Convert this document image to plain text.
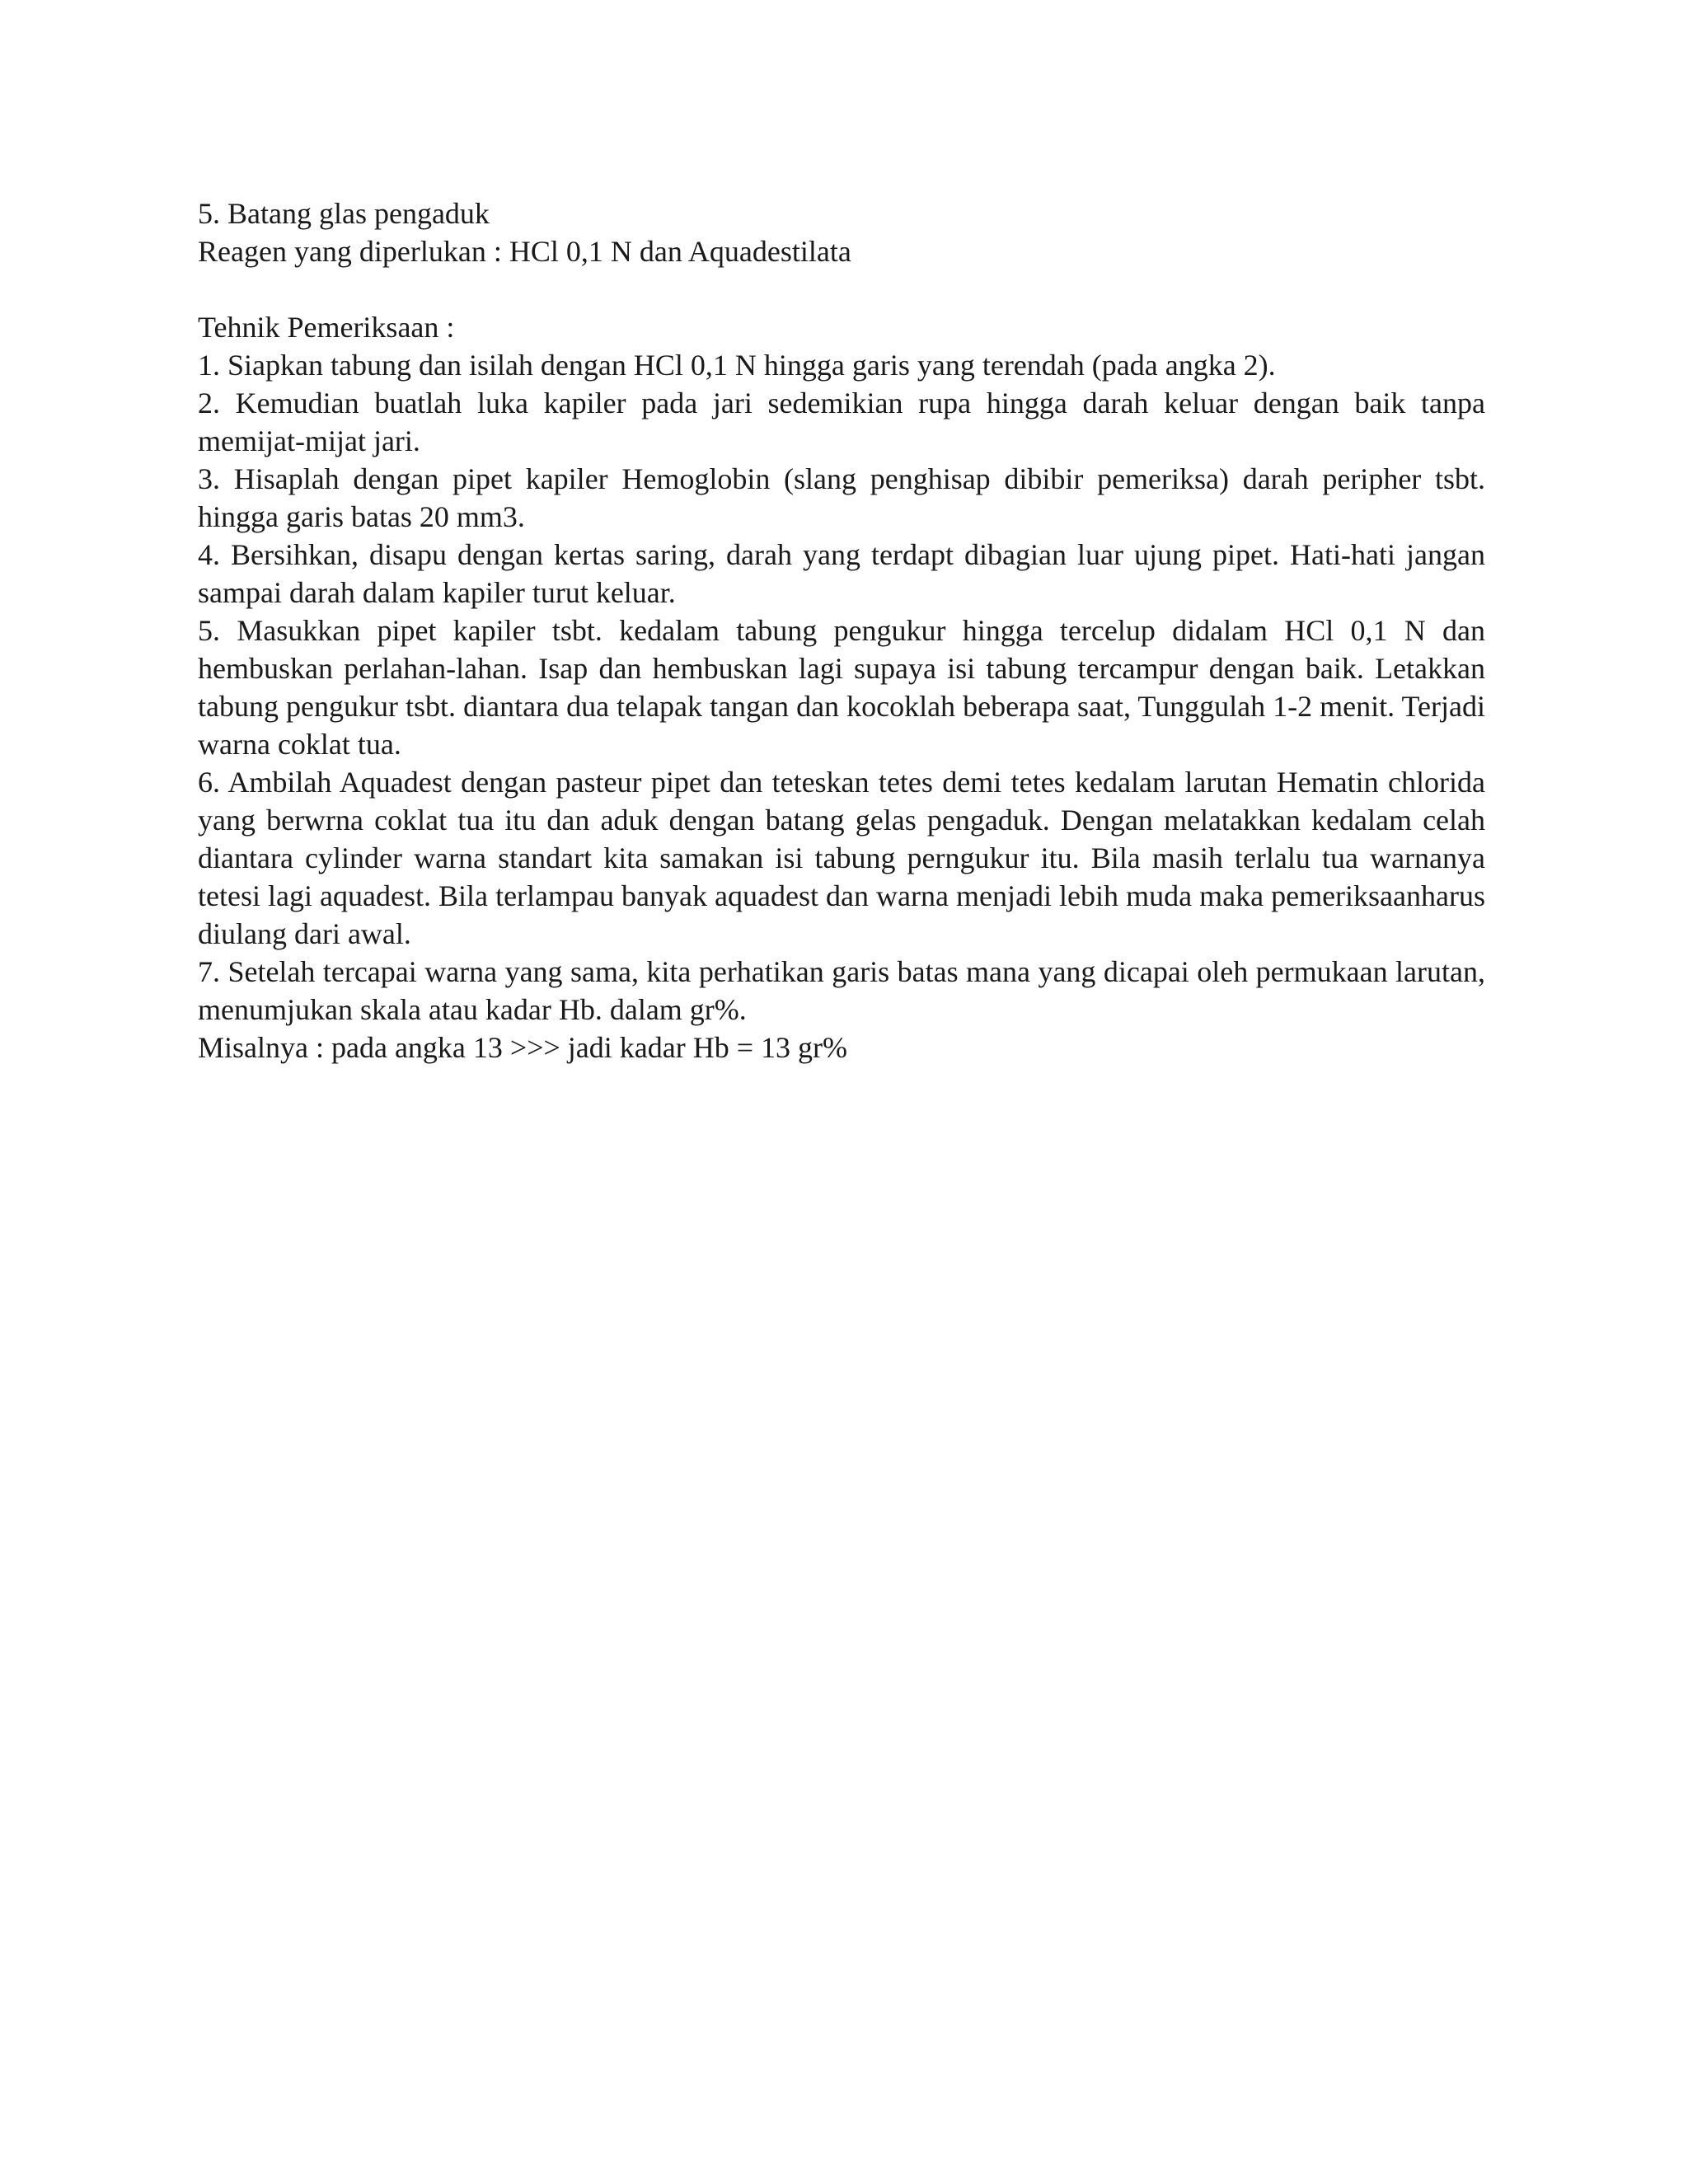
5. Batang glas pengaduk

Reagen yang diperlukan : HCl 0,1 N dan Aquadestilata

Tehnik Pemeriksaan :

1. Siapkan tabung dan isilah dengan HCl 0,1 N hingga garis yang terendah (pada angka 2).

2. Kemudian buatlah luka kapiler pada jari sedemikian rupa hingga darah keluar dengan baik tanpa memijat-mijat jari.

3. Hisaplah dengan pipet kapiler Hemoglobin (slang penghisap dibibir pemeriksa) darah peripher tsbt. hingga garis batas 20 mm3.

4. Bersihkan, disapu dengan kertas saring, darah yang terdapt dibagian luar ujung pipet. Hati-hati jangan sampai darah dalam kapiler turut keluar.

5. Masukkan pipet kapiler tsbt. kedalam tabung pengukur hingga tercelup didalam HCl 0,1 N dan hembuskan perlahan-lahan. Isap dan hembuskan lagi supaya isi tabung tercampur dengan baik. Letakkan tabung pengukur tsbt. diantara dua telapak tangan dan kocoklah beberapa saat, Tunggulah 1-2 menit. Terjadi warna coklat tua.

6. Ambilah Aquadest dengan pasteur pipet dan teteskan tetes demi tetes kedalam larutan Hematin chlorida yang berwrna coklat tua itu dan aduk dengan batang gelas pengaduk. Dengan melatakkan kedalam celah diantara cylinder warna standart kita samakan isi tabung perngukur itu. Bila masih terlalu tua warnanya tetesi lagi aquadest. Bila terlampau banyak aquadest dan warna menjadi lebih muda maka pemeriksaanharus diulang dari awal.

7. Setelah tercapai warna yang sama, kita perhatikan garis batas mana yang dicapai oleh permukaan larutan, menumjukan skala atau kadar Hb. dalam gr%.

Misalnya : pada angka 13 >>> jadi kadar Hb = 13 gr%
